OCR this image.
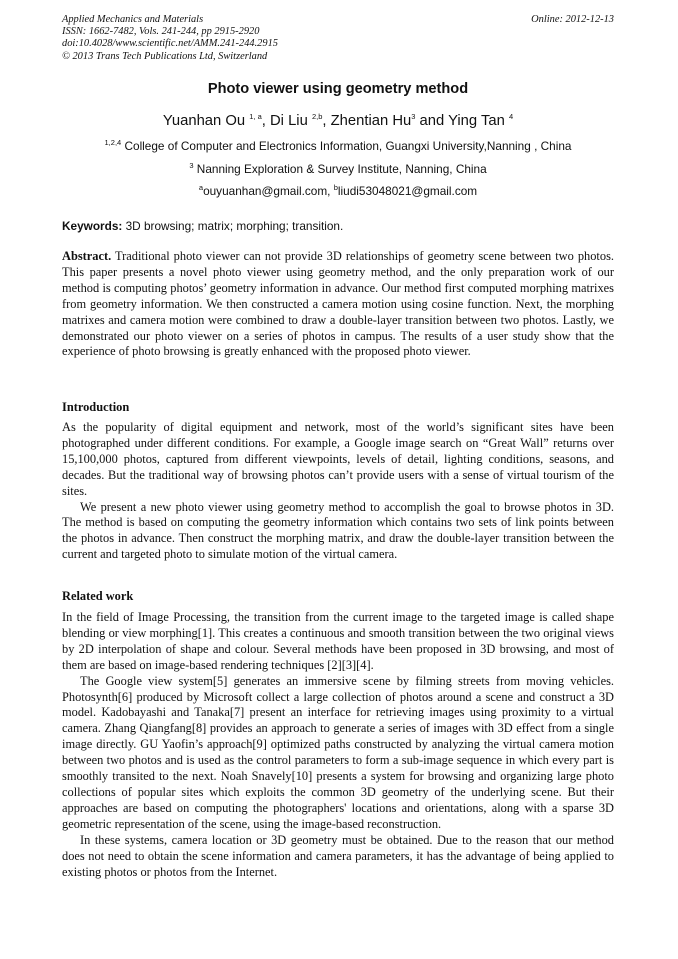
Applied Mechanics and Materials
ISSN: 1662-7482, Vols. 241-244, pp 2915-2920
doi:10.4028/www.scientific.net/AMM.241-244.2915
© 2013 Trans Tech Publications Ltd, Switzerland
Online: 2012-12-13
Photo viewer using geometry method
Yuanhan Ou $^{1, a}$, Di Liu $^{2,b}$, Zhentian Hu$^3$ and Ying Tan $^4$
$^{1,2,4}$ College of Computer and Electronics Information, Guangxi University,Nanning , China
$^3$ Nanning Exploration & Survey Institute, Nanning, China
$^a$ouyuanhan@gmail.com, $^b$liudi53048021@gmail.com
Keywords: 3D browsing; matrix; morphing; transition.

Abstract. Traditional photo viewer can not provide 3D relationships of geometry scene between two photos. This paper presents a novel photo viewer using geometry method, and the only preparation work of our method is computing photos’ geometry information in advance. Our method first computed morphing matrixes from geometry information. We then constructed a camera motion using cosine function. Next, the morphing matrixes and camera motion were combined to draw a double-layer transition between two photos. Lastly, we demonstrated our photo viewer on a series of photos in campus. The results of a user study show that the experience of photo browsing is greatly enhanced with the proposed photo viewer.

Introduction

As the popularity of digital equipment and network, most of the world’s significant sites have been photographed under different conditions. For example, a Google image search on “Great Wall” returns over 15,100,000 photos, captured from different viewpoints, levels of detail, lighting conditions, seasons, and decades. But the traditional way of browsing photos can’t provide users with a sense of virtual tourism of the sites.

We present a new photo viewer using geometry method to accomplish the goal to browse photos in 3D. The method is based on computing the geometry information which contains two sets of link points between the photos in advance. Then construct the morphing matrix, and draw the double-layer transition between the current and targeted photo to simulate motion of the virtual camera.

Related work

In the field of Image Processing, the transition from the current image to the targeted image is called shape blending or view morphing[1]. This creates a continuous and smooth transition between the two original views by 2D interpolation of shape and colour. Several methods have been proposed in 3D browsing, and most of them are based on image-based rendering techniques [2][3][4].

The Google view system[5] generates an immersive scene by filming streets from moving vehicles. Photosynth[6] produced by Microsoft collect a large collection of photos around a scene and construct a 3D model. Kadobayashi and Tanaka[7] present an interface for retrieving images using proximity to a virtual camera. Zhang Qiangfang[8] provides an approach to generate a series of images with 3D effect from a single image directly. GU Yaofin’s approach[9] optimized paths constructed by analyzing the virtual camera motion between two photos and is used as the control parameters to form a sub-image sequence in which every part is smoothly transited to the next. Noah Snavely[10] presents a system for browsing and organizing large photo collections of popular sites which exploits the common 3D geometry of the underlying scene. But their approaches are based on computing the photographers' locations and orientations, along with a sparse 3D geometric representation of the scene, using the image-based reconstruction.

In these systems, camera location or 3D geometry must be obtained. Due to the reason that our method does not need to obtain the scene information and camera parameters, it has the advantage of being applied to existing photos or photos from the Internet.
